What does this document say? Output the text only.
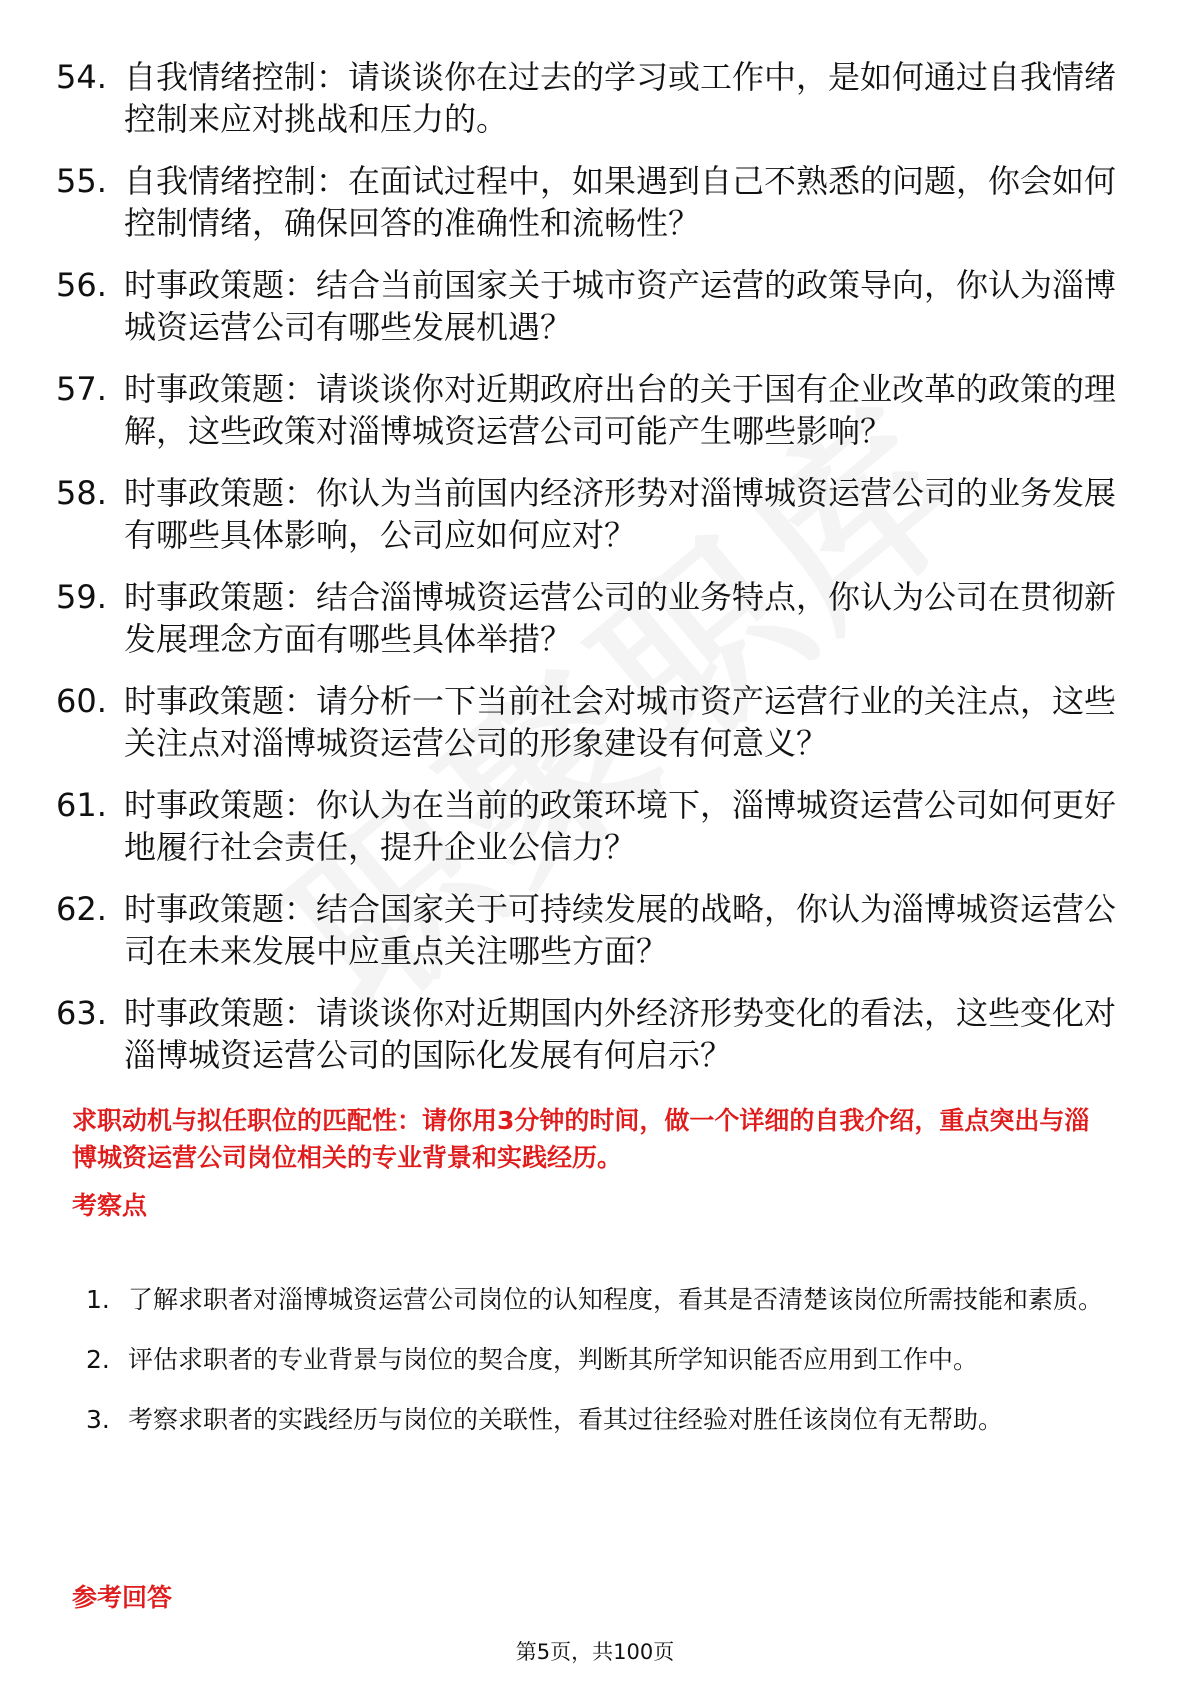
54. 自我情绪控制：请谈谈你在过去的学习或工作中，是如何通过自我情绪控制来应对挑战和压力的。
55. 自我情绪控制：在面试过程中，如果遇到自己不熟悉的问题，你会如何控制情绪，确保回答的准确性和流畅性？
56. 时事政策题：结合当前国家关于城市资产运营的政策导向，你认为淄博城资运营公司有哪些发展机遇？
57. 时事政策题：请谈谈你对近期政府出台的关于国有企业改革的政策的理解，这些政策对淄博城资运营公司可能产生哪些影响？
58. 时事政策题：你认为当前国内经济形势对淄博城资运营公司的业务发展有哪些具体影响，公司应如何应对？
59. 时事政策题：结合淄博城资运营公司的业务特点，你认为公司在贯彻新发展理念方面有哪些具体举措？
60. 时事政策题：请分析一下当前社会对城市资产运营行业的关注点，这些关注点对淄博城资运营公司的形象建设有何意义？
61. 时事政策题：你认为在当前的政策环境下，淄博城资运营公司如何更好地履行社会责任，提升企业公信力？
62. 时事政策题：结合国家关于可持续发展的战略，你认为淄博城资运营公司在未来发展中应重点关注哪些方面？
63. 时事政策题：请谈谈你对近期国内外经济形势变化的看法，这些变化对淄博城资运营公司的国际化发展有何启示？
求职动机与拟任职位的匹配性：请你用3分钟的时间，做一个详细的自我介绍，重点突出与淄博城资运营公司岗位相关的专业背景和实践经历。
考察点
1. 了解求职者对淄博城资运营公司岗位的认知程度，看其是否清楚该岗位所需技能和素质。
2. 评估求职者的专业背景与岗位的契合度，判断其所学知识能否应用到工作中。
3. 考察求职者的实践经历与岗位的关联性，看其过往经验对胜任该岗位有无帮助。
参考回答
第5页，共100页
